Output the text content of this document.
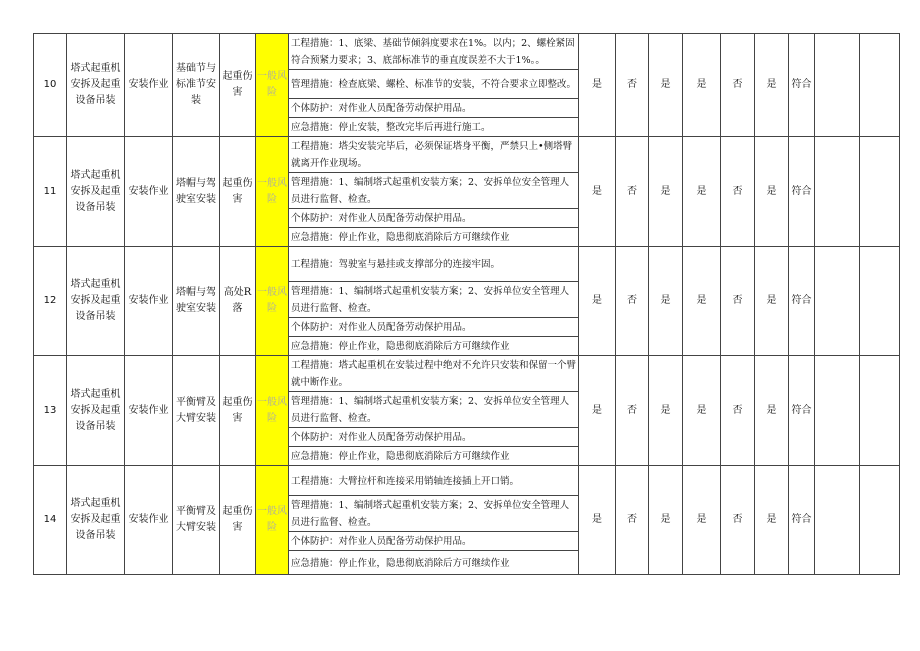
10	塔式起重机安拆及起重设备吊装	安装作业	基础节与标准节安装	起重伤害	一般风险	工程措施：1、底梁、基础节倾斜度要求在1%。以内；2、螺栓紧固符合预紧力要求；3、底部标准节的垂直度误差不大于1%。。	是	否	是	是	否	是	符合		
						管理措施：检查底梁、螺栓、标准节的安装，不符合要求立即整改。									
						个体防护：对作业人员配备劳动保护用品。									
						应急措施：停止安装，整改完毕后再进行施工。									
11	塔式起重机安拆及起重设备吊装	安装作业	塔帽与驾驶室安装	起重伤害	一般风险	工程措施：塔尖安装完毕后，必须保证塔身平衡，严禁只上•侧塔臂就离开作业现场。	是	否	是	是	否	是	符合		
						管理措施：1、编制塔式起重机安装方案；2、安拆单位安全管理人员进行监督、检查。									
						个体防护：对作业人员配备劳动保护用品。									
						应急措施：停止作业，隐患彻底消除后方可继续作业									
12	塔式起重机安拆及起重设备吊装	安装作业	塔帽与驾驶室安装	高处R落	一般风险	工程措施：驾驶室与悬挂或支撑部分的连接牢固。	是	否	是	是	否	是	符合		
						管理措施：1、编制塔式起重机安装方案；2、安拆单位安全管理人员进行监督、检查。									
						个体防护：对作业人员配备劳动保护用品。									
						应急措施：停止作业，隐患彻底消除后方可继续作业									
13	塔式起重机安拆及起重设备吊装	安装作业	平衡臂及大臂安装	起重伤害	一般风险	工程措施：塔式起重机在安装过程中绝对不允许只安装和保留一个臂就中断作业。	是	否	是	是	否	是	符合		
						管理措施：1、编制塔式起重机安装方案；2、安拆单位安全管理人员进行监督、检查。									
						个体防护：对作业人员配备劳动保护用品。									
						应急措施：停止作业，隐患彻底消除后方可继续作业									
14	塔式起重机安拆及起重设备吊装	安装作业	平衡臂及大臂安装	起重伤害	一般风险	工程措施：大臂拉杆和连接采用销轴连接插上开口销。	是	否	是	是	否	是	符合		
						管理措施：1、编制塔式起重机安装方案；2、安拆单位安全管理人员进行监督、检查。									
						个体防护：对作业人员配备劳动保护用品。									
						应急措施：停止作业，隐患彻底消除后方可继续作业									
